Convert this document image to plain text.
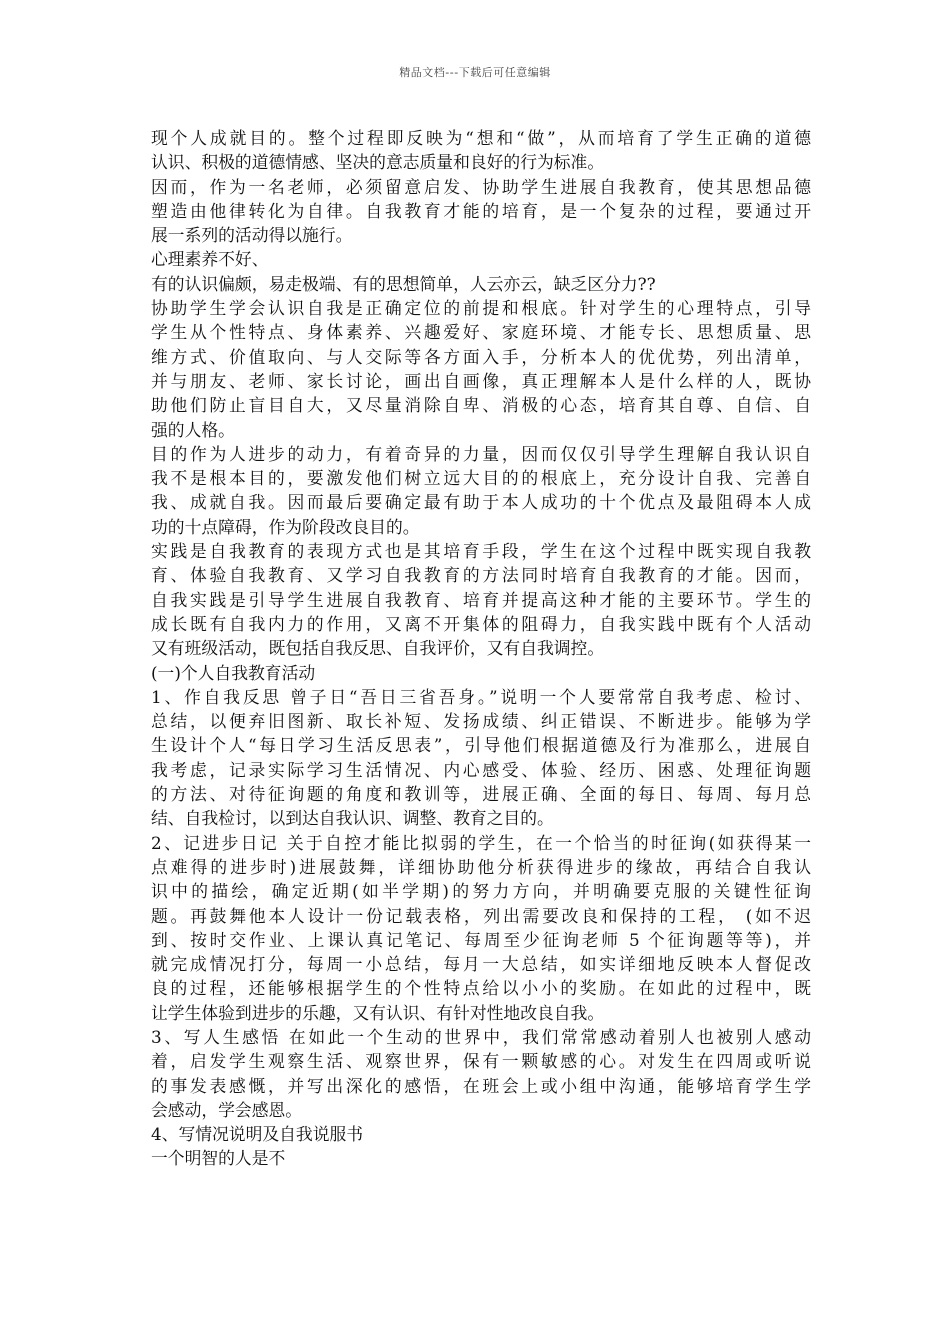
精品文档---下载后可任意编辑
现个人成就目的。整个过程即反映为“想和“做”，从而培育了学生正确的道德
认识、积极的道德情感、坚决的意志质量和良好的行为标准。
因而，作为一名老师，必须留意启发、协助学生进展自我教育，使其思想品德
塑造由他律转化为自律。自我教育才能的培育，是一个复杂的过程，要通过开
展一系列的活动得以施行。
心理素养不好、
有的认识偏颇，易走极端、有的思想简单，人云亦云，缺乏区分力??
协助学生学会认识自我是正确定位的前提和根底。针对学生的心理特点，引导
学生从个性特点、身体素养、兴趣爱好、家庭环境、才能专长、思想质量、思
维方式、价值取向、与人交际等各方面入手，分析本人的优优势，列出清单，
并与朋友、老师、家长讨论，画出自画像，真正理解本人是什么样的人，既协
助他们防止盲目自大，又尽量消除自卑、消极的心态，培育其自尊、自信、自
强的人格。
目的作为人进步的动力，有着奇异的力量，因而仅仅引导学生理解自我认识自
我不是根本目的，要激发他们树立远大目的的根底上，充分设计自我、完善自
我、成就自我。因而最后要确定最有助于本人成功的十个优点及最阻碍本人成
功的十点障碍，作为阶段改良目的。
实践是自我教育的表现方式也是其培育手段，学生在这个过程中既实现自我教
育、体验自我教育、又学习自我教育的方法同时培育自我教育的才能。因而，
自我实践是引导学生进展自我教育、培育并提高这种才能的主要环节。学生的
成长既有自我内力的作用，又离不开集体的阻碍力，自我实践中既有个人活动
又有班级活动，既包括自我反思、自我评价，又有自我调控。
(一)个人自我教育活动
1、作自我反思 曾子日“吾日三省吾身。”说明一个人要常常自我考虑、检讨、
总结，以便弃旧图新、取长补短、发扬成绩、纠正错误、不断进步。能够为学
生设计个人“每日学习生活反思表”，引导他们根据道德及行为准那么，进展自
我考虑，记录实际学习生活情况、内心感受、体验、经历、困惑、处理征询题
的方法、对待征询题的角度和教训等，进展正确、全面的每日、每周、每月总
结、自我检讨，以到达自我认识、调整、教育之目的。
2、记进步日记 关于自控才能比拟弱的学生，在一个恰当的时征询(如获得某一
点难得的进步时)进展鼓舞，详细协助他分析获得进步的缘故，再结合自我认
识中的描绘，确定近期(如半学期)的努力方向，并明确要克服的关键性征询
题。再鼓舞他本人设计一份记载表格，列出需要改良和保持的工程， (如不迟
到、按时交作业、上课认真记笔记、每周至少征询老师 5 个征询题等等)，并
就完成情况打分，每周一小总结，每月一大总结，如实详细地反映本人督促改
良的过程，还能够根据学生的个性特点给以小小的奖励。在如此的过程中，既
让学生体验到进步的乐趣，又有认识、有针对性地改良自我。
3、写人生感悟 在如此一个生动的世界中，我们常常感动着别人也被别人感动
着，启发学生观察生活、观察世界，保有一颗敏感的心。对发生在四周或听说
的事发表感慨，并写出深化的感悟，在班会上或小组中沟通，能够培育学生学
会感动，学会感恩。
4、写情况说明及自我说服书
一个明智的人是不
